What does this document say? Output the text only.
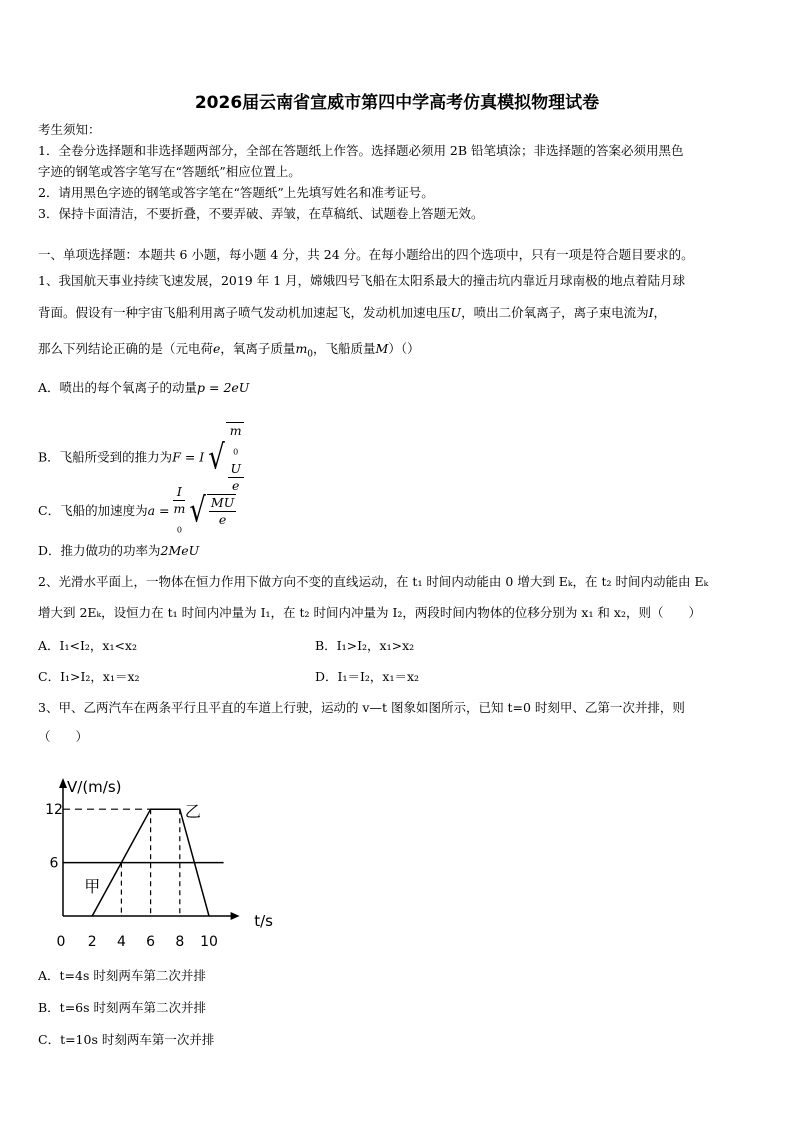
2026届云南省宣威市第四中学高考仿真模拟物理试卷
考生须知：
1．全卷分选择题和非选择题两部分，全部在答题纸上作答。选择题必须用 2B 铅笔填涂；非选择题的答案必须用黑色
字迹的钢笔或答字笔写在“答题纸”相应位置上。
2．请用黑色字迹的钢笔或答字笔在“答题纸”上先填写姓名和准考证号。
3．保持卡面清洁，不要折叠，不要弄破、弄皱，在草稿纸、试题卷上答题无效。
一、单项选择题：本题共 6 小题，每小题 4 分，共 24 分。在每小题给出的四个选项中，只有一项是符合题目要求的。
1、我国航天事业持续飞速发展，2019 年 1 月，嫦娥四号飞船在太阳系最大的撞击坑内靠近月球南极的地点着陆月球
背面。假设有一种宇宙飞船利用离子喷气发动机加速起飞，发动机加速电压U，喷出二价氧离子，离子束电流为I，
那么下列结论正确的是（元电荷e，氧离子质量$m_0$，飞船质量M）（）
A．喷出的每个氧离子的动量p = 2eU
B．飞船所受到的推力为F = I √ m
$_0$
U
e
C．飞船的加速度为a = I
m
$_0$ √ $\frac{MU}{e}$
D．推力做功的功率为2MeU
2、光滑水平面上，一物体在恒力作用下做方向不变的直线运动，在 t₁ 时间内动能由 0 增大到 Eₖ，在 t₂ 时间内动能由 Eₖ
增大到 2Eₖ，设恒力在 t₁ 时间内冲量为 I₁，在 t₂ 时间内冲量为 I₂，两段时间内物体的位移分别为 x₁ 和 x₂，则（　　）
A．I₁<I₂，x₁<x₂	B．I₁>I₂，x₁>x₂
C．I₁>I₂，x₁＝x₂	D．I₁＝I₂，x₁＝x₂
3、甲、乙两汽车在两条平行且平直的车道上行驶，运动的 v—t 图象如图所示，已知 t=0 时刻甲、乙第一次并排，则
（　　）
V/(m/s)
t/s
6
12
0 2 4 6 8 10
甲
乙
A．t=4s 时刻两车第二次并排
B．t=6s 时刻两车第二次并排
C．t=10s 时刻两车第一次并排
